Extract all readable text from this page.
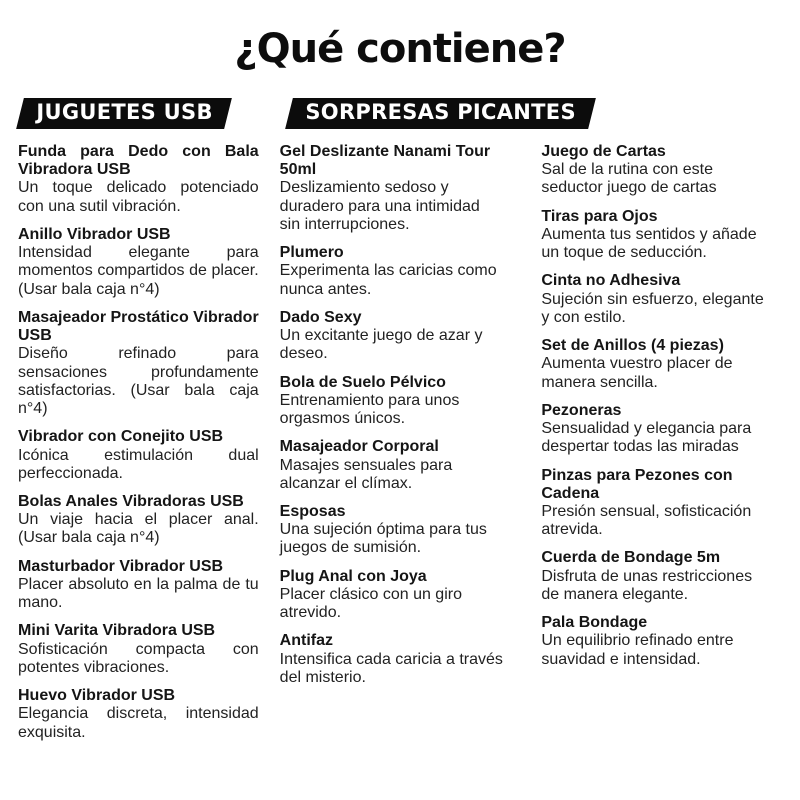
¿Qué contiene?
JUGUETES USB	SORPRESAS PICANTES
Funda para Dedo con Bala Vibradora USB

Un toque delicado potenciado con una sutil vibración.

Anillo Vibrador USB

Intensidad elegante para momentos compartidos de placer. (Usar bala caja n°4)

Masajeador Prostático Vibrador USB

Diseño refinado para sensaciones profundamente satisfactorias. (Usar bala caja n°4)

Vibrador con Conejito USB

Icónica estimulación dual perfeccionada.

Bolas Anales Vibradoras USB

Un viaje hacia el placer anal. (Usar bala caja n°4)

Masturbador Vibrador USB

Placer absoluto en la palma de tu mano.

Mini Varita Vibradora USB

Sofisticación compacta con potentes vibraciones.

Huevo Vibrador USB

Elegancia discreta, intensidad exquisita.

Gel Deslizante Nanami Tour 50ml

Deslizamiento sedoso y duradero para una intimidad sin interrupciones.

Plumero

Experimenta las caricias como nunca antes.

Dado Sexy

Un excitante juego de azar y deseo.

Bola de Suelo Pélvico

Entrenamiento para unos orgasmos únicos.

Masajeador Corporal

Masajes sensuales para alcanzar el clímax.

Esposas

Una sujeción óptima para tus juegos de sumisión.

Plug Anal con Joya

Placer clásico con un giro atrevido.

Antifaz

Intensifica cada caricia a través del misterio.

Juego de Cartas

Sal de la rutina con este seductor juego de cartas

Tiras para Ojos

Aumenta tus sentidos y añade un toque de seducción.

Cinta no Adhesiva

Sujeción sin esfuerzo, elegante y con estilo.

Set de Anillos (4 piezas)

Aumenta vuestro placer de manera sencilla.

Pezoneras

Sensualidad y elegancia para despertar todas las miradas

Pinzas para Pezones con Cadena

Presión sensual, sofisticación atrevida.

Cuerda de Bondage 5m

Disfruta de unas restricciones de manera elegante.

Pala Bondage

Un equilibrio refinado entre suavidad e intensidad.
